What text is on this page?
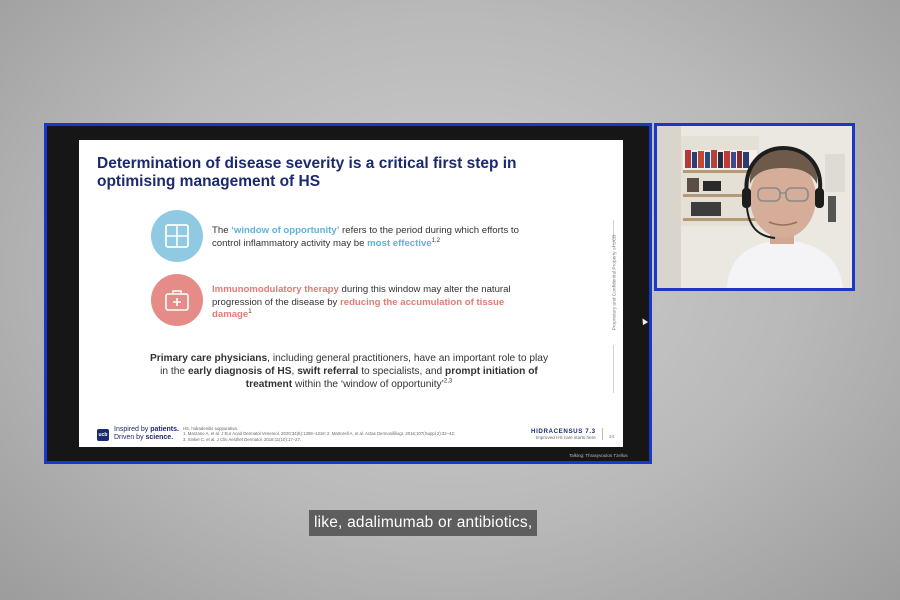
Determination of disease severity is a critical first step in optimising management of HS
The ‘window of opportunity’ refers to the period during which efforts to control inflammatory activity may be most effective$^{1,2}$
Immunomodulatory therapy during this window may alter the natural progression of the disease by reducing the accumulation of tissue damage$^1$
Primary care physicians, including general practitioners, have an important role to play in the early diagnosis of HS, swift referral to specialists, and prompt initiation of treatment within the ‘window of opportunity’$^{2,3}$
Proprietary and Confidential Property of UCB
ucb
Inspired by patients.
Driven by science.
HS, hidradenitis suppurativa.
1. Marzano A, et al. J Eur Acad Dermatol Venereol. 2020;34(6):1308–1318; 2. Martorell A, et al. Actas Dermosifiliogr. 2016;107(Suppl 2):32–42;
3. Sinkel C, et al. J Clin Aesthet Dermatol. 2018;11(10):17–27.
HIDRACENSUS 7.3
Improved HS care starts here	24
Talking: Thrasyvoulos Tzellos
like, adalimumab or antibiotics,
